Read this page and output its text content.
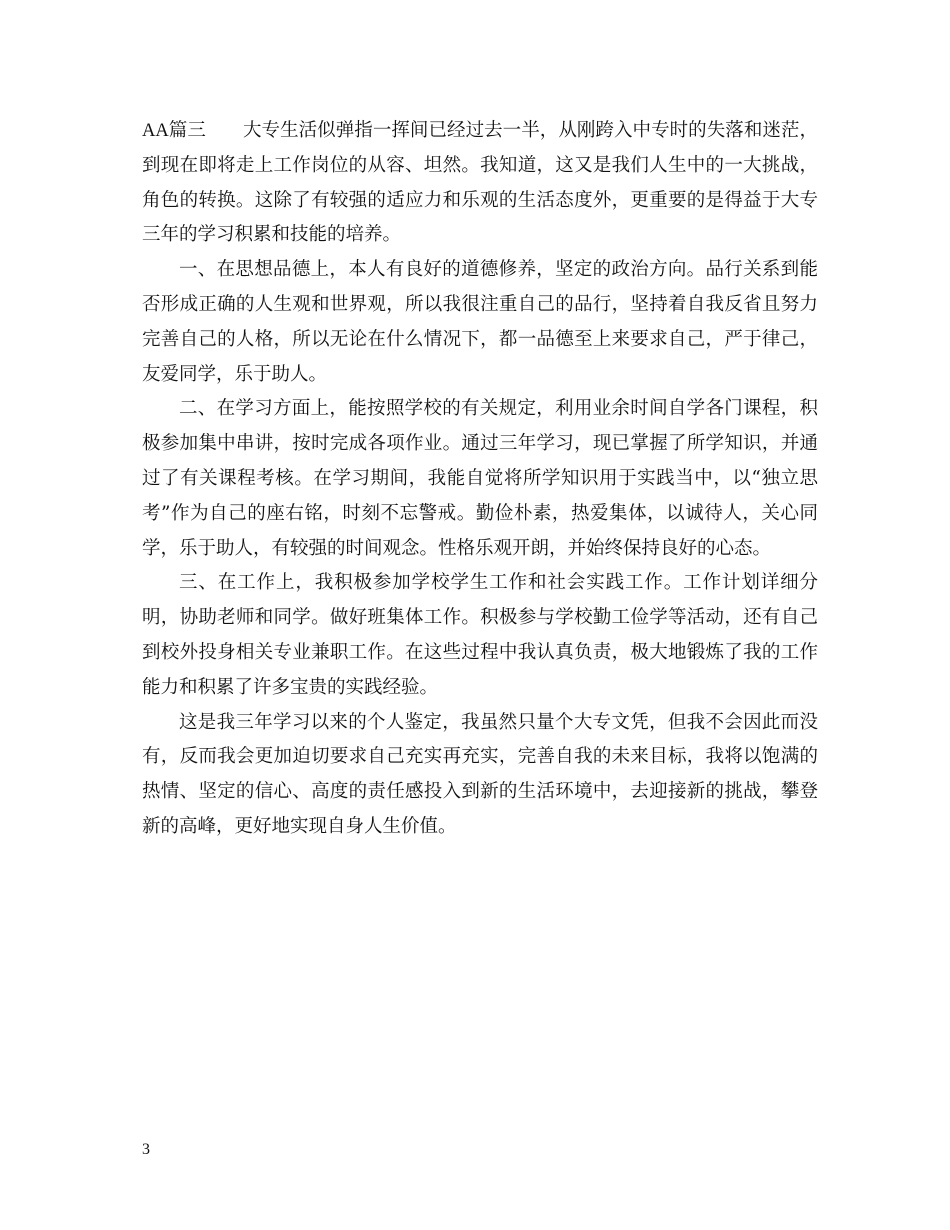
AA篇三　　 大专生活似弹指一挥间已经过去一半，从刚跨入中专时的失落和迷茫，到现在即将走上工作岗位的从容、坦然。我知道，这又是我们人生中的一大挑战，角色的转换。这除了有较强的适应力和乐观的生活态度外，更重要的是得益于大专三年的学习积累和技能的培养。

一、在思想品德上，本人有良好的道德修养，坚定的政治方向。品行关系到能否形成正确的人生观和世界观，所以我很注重自己的品行，坚持着自我反省且努力完善自己的人格，所以无论在什么情况下，都一品德至上来要求自己，严于律己，友爱同学，乐于助人。

二、在学习方面上，能按照学校的有关规定，利用业余时间自学各门课程，积极参加集中串讲，按时完成各项作业。通过三年学习，现已掌握了所学知识，并通过了有关课程考核。在学习期间，我能自觉将所学知识用于实践当中，以“独立思考”作为自己的座右铭，时刻不忘警戒。勤俭朴素，热爱集体，以诚待人，关心同学，乐于助人，有较强的时间观念。性格乐观开朗，并始终保持良好的心态。

三、在工作上，我积极参加学校学生工作和社会实践工作。工作计划详细分明，协助老师和同学。做好班集体工作。积极参与学校勤工俭学等活动，还有自己到校外投身相关专业兼职工作。在这些过程中我认真负责，极大地锻炼了我的工作能力和积累了许多宝贵的实践经验。

这是我三年学习以来的个人鉴定，我虽然只量个大专文凭，但我不会因此而没有，反而我会更加迫切要求自己充实再充实，完善自我的未来目标，我将以饱满的热情、坚定的信心、高度的责任感投入到新的生活环境中，去迎接新的挑战，攀登新的高峰，更好地实现自身人生价值。

3
